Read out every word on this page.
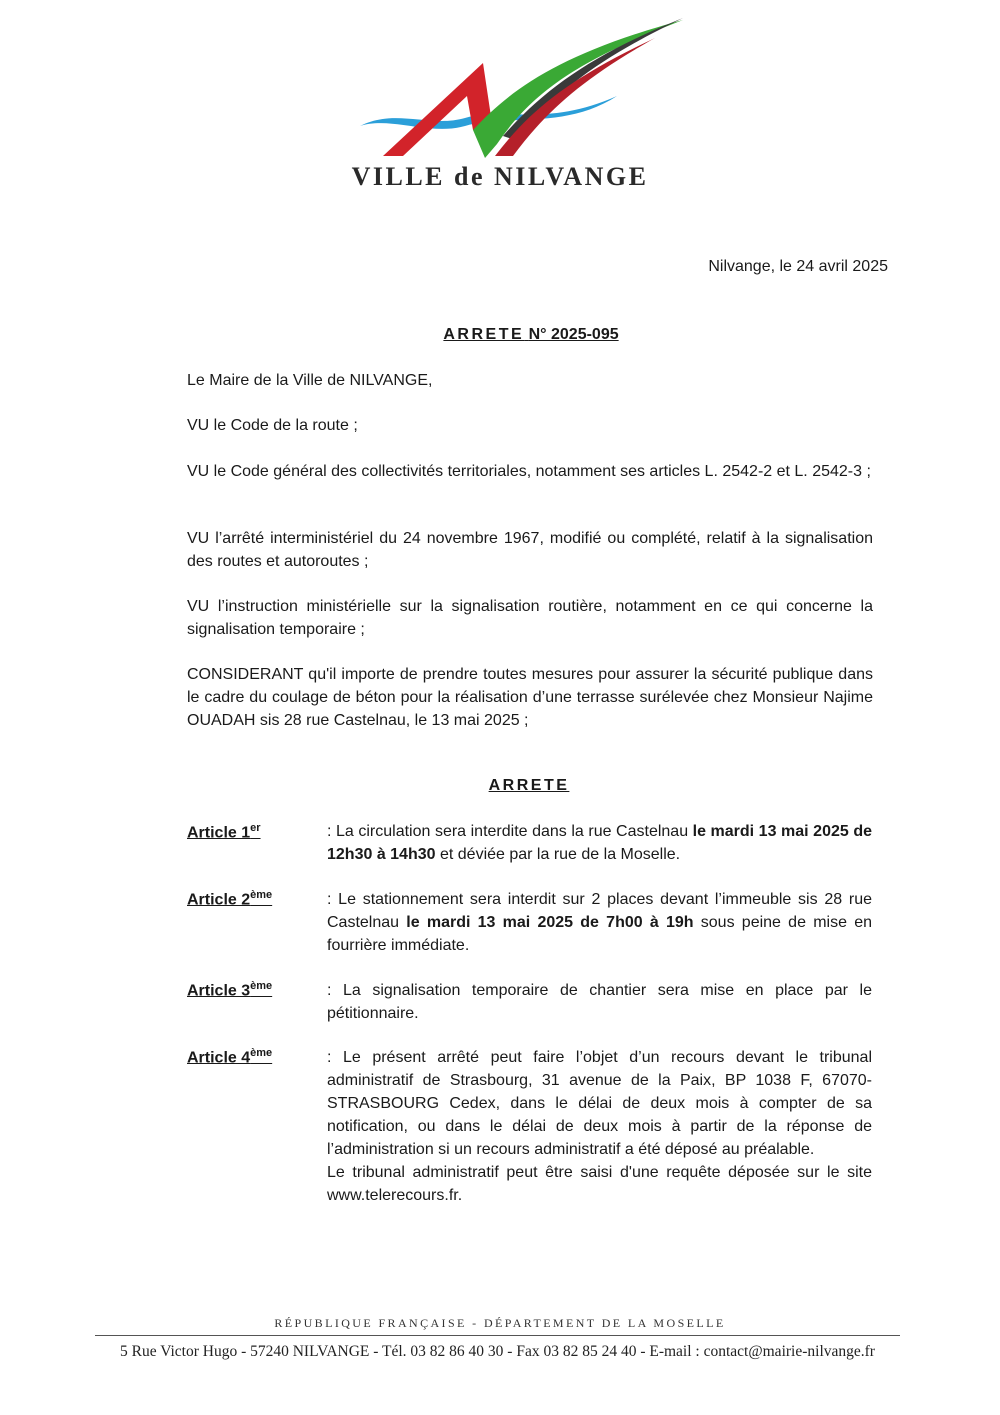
VILLE de NILVANGE
Nilvange, le 24 avril 2025
ARRETE N° 2025-095
Le Maire de la Ville de NILVANGE,
VU le Code de la route ;
VU le Code général des collectivités territoriales, notamment ses articles L. 2542-2 et L. 2542-3 ;
VU l’arrêté interministériel du 24 novembre 1967, modifié ou complété, relatif à la signalisation des routes et autoroutes ;
VU l’instruction ministérielle sur la signalisation routière, notamment en ce qui concerne la signalisation temporaire ;
CONSIDERANT qu'il importe de prendre toutes mesures pour assurer la sécurité publique dans le cadre du coulage de béton pour la réalisation d’une terrasse surélevée chez Monsieur Najime OUADAH sis 28 rue Castelnau, le 13 mai 2025 ;
ARRETE
Article 1er	: La circulation sera interdite dans la rue Castelnau le mardi 13 mai 2025 de 12h30 à 14h30 et déviée par la rue de la Moselle.
Article 2ème	: Le stationnement sera interdit sur 2 places devant l’immeuble sis 28 rue Castelnau le mardi 13 mai 2025 de 7h00 à 19h sous peine de mise en fourrière immédiate.
Article 3ème	: La signalisation temporaire de chantier sera mise en place par le pétitionnaire.
Article 4ème	: Le présent arrêté peut faire l’objet d’un recours devant le tribunal administratif de Strasbourg, 31 avenue de la Paix, BP 1038 F, 67070-STRASBOURG Cedex, dans le délai de deux mois à compter de sa notification, ou dans le délai de deux mois à partir de la réponse de l’administration si un recours administratif a été déposé au préalable.
Le tribunal administratif peut être saisi d'une requête déposée sur le site www.telerecours.fr.
RÉPUBLIQUE FRANÇAISE - DÉPARTEMENT DE LA MOSELLE
5 Rue Victor Hugo - 57240 NILVANGE - Tél. 03 82 86 40 30 - Fax 03 82 85 24 40 - E-mail : contact@mairie-nilvange.fr
